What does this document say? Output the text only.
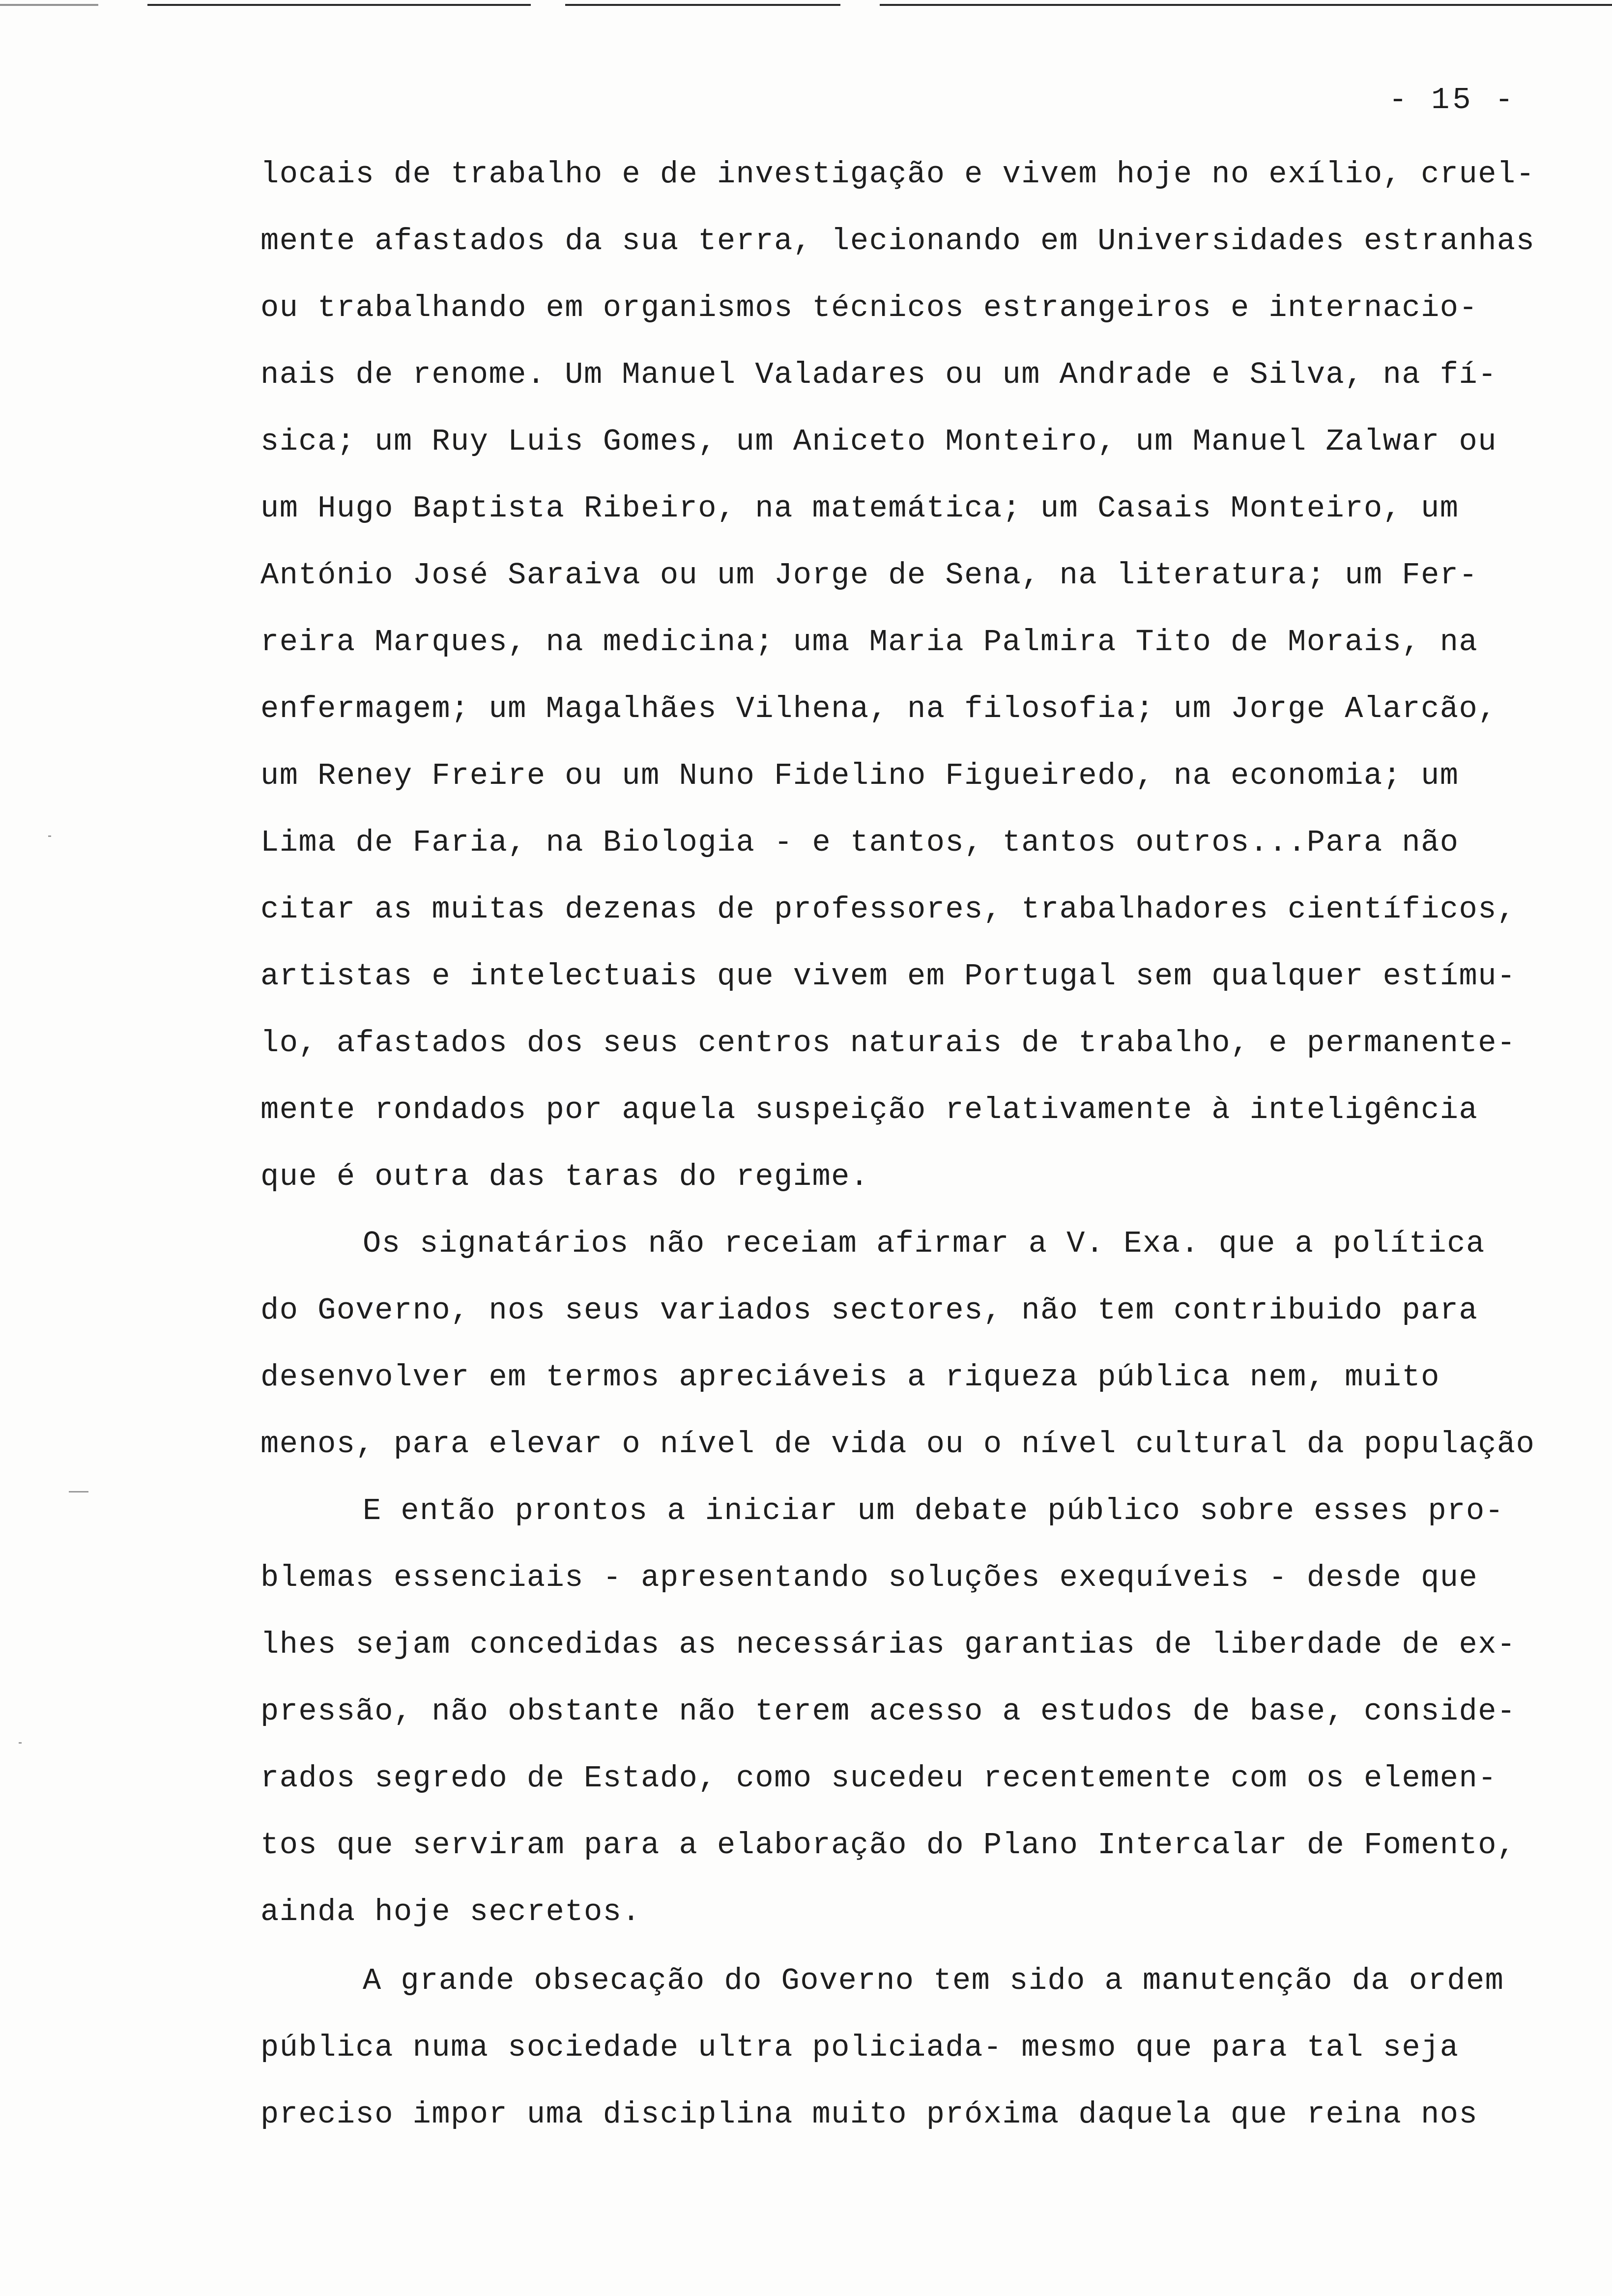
- 15 -
locais de trabalho e de investigação e vivem hoje no exílio, cruel-
mente afastados da sua terra, lecionando em Universidades estranhas
ou trabalhando em organismos técnicos estrangeiros e internacio-
nais de renome. Um Manuel Valadares ou um Andrade e Silva, na fí-
sica; um Ruy Luis Gomes, um Aniceto Monteiro, um Manuel Zalwar ou
um Hugo Baptista Ribeiro, na matemática; um Casais Monteiro, um
António José Saraiva ou um Jorge de Sena, na literatura; um Fer-
reira Marques, na medicina; uma Maria Palmira Tito de Morais, na
enfermagem; um Magalhães Vilhena, na filosofia; um Jorge Alarcão,
um Reney Freire ou um Nuno Fidelino Figueiredo, na economia; um
Lima de Faria, na Biologia - e tantos, tantos outros...Para não
citar as muitas dezenas de professores, trabalhadores científicos,
artistas e intelectuais que vivem em Portugal sem qualquer estímu-
lo, afastados dos seus centros naturais de trabalho, e permanente-
mente rondados por aquela suspeição relativamente à inteligência
que é outra das taras do regime.
Os signatários não receiam afirmar a V. Exa. que a política
do Governo, nos seus variados sectores, não tem contribuido para
desenvolver em termos apreciáveis a riqueza pública nem, muito
menos, para elevar o nível de vida ou o nível cultural da população
E então prontos a iniciar um debate público sobre esses pro-
blemas essenciais - apresentando soluções exequíveis - desde que
lhes sejam concedidas as necessárias garantias de liberdade de ex-
pressão, não obstante não terem acesso a estudos de base, conside-
rados segredo de Estado, como sucedeu recentemente com os elemen-
tos que serviram para a elaboração do Plano Intercalar de Fomento,
ainda hoje secretos.
A grande obsecação do Governo tem sido a manutenção da ordem
pública numa sociedade ultra policiada- mesmo que para tal seja
preciso impor uma disciplina muito próxima daquela que reina nos
